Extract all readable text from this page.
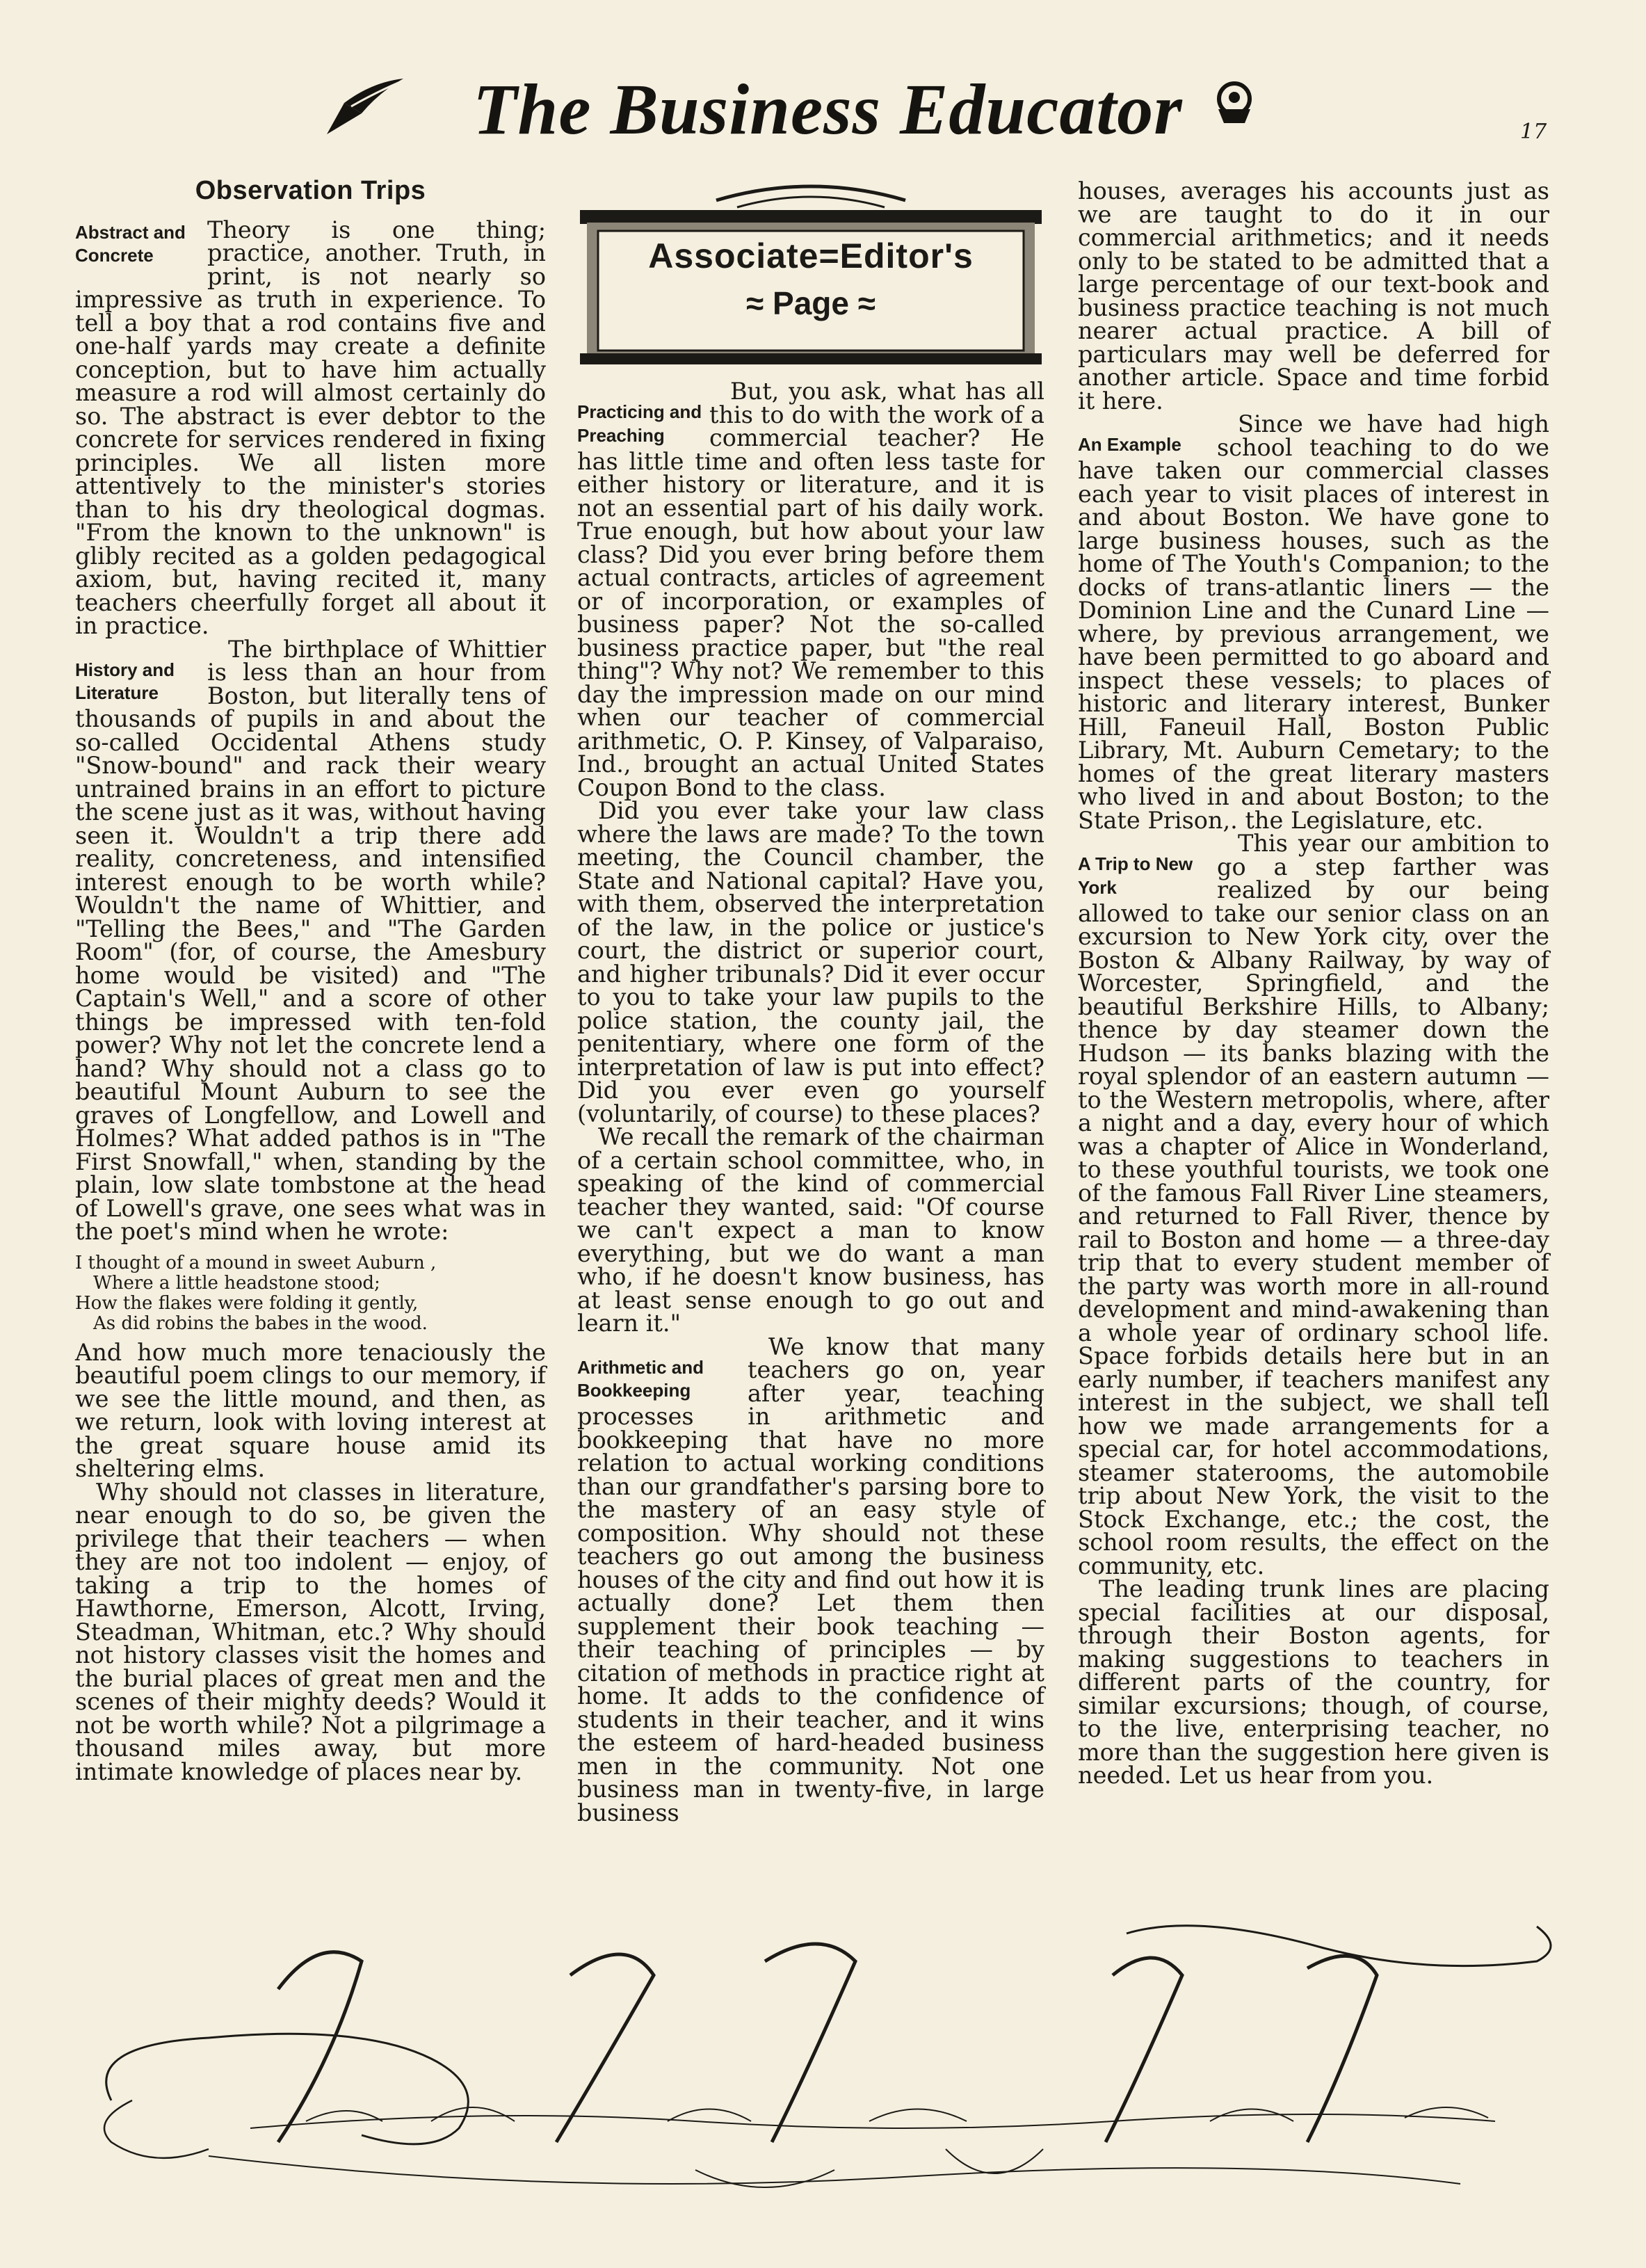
The Business Educator	17
Observation Trips
Abstract and Concrete

Theory is one thing; practice, another. Truth, in print, is not nearly so impressive as truth in experience. To tell a boy that a rod contains five and one-half yards may create a definite conception, but to have him actually measure a rod will almost certainly do so. The abstract is ever debtor to the concrete for services rendered in fixing principles. We all listen more attentively to the minister's stories than to his dry theological dogmas. "From the known to the unknown" is glibly recited as a golden pedagogical axiom, but, having recited it, many teachers cheerfully forget all about it in practice.

History and Literature

The birthplace of Whittier is less than an hour from Boston, but literally tens of thousands of pupils in and about the so-called Occidental Athens study "Snow-bound" and rack their weary untrained brains in an effort to picture the scene just as it was, without having seen it. Wouldn't a trip there add reality, concreteness, and intensified interest enough to be worth while? Wouldn't the name of Whittier, and "Telling the Bees," and "The Garden Room" (for, of course, the Amesbury home would be visited) and "The Captain's Well," and a score of other things be impressed with ten-fold power? Why not let the concrete lend a hand? Why should not a class go to beautiful Mount Auburn to see the graves of Longfellow, and Lowell and Holmes? What added pathos is in "The First Snowfall," when, standing by the plain, low slate tombstone at the head of Lowell's grave, one sees what was in the poet's mind when he wrote:

I thought of a mound in sweet Auburn ,
Where a little headstone stood;
How the flakes were folding it gently,
As did robins the babes in the wood.

And how much more tenaciously the beautiful poem clings to our memory, if we see the little mound, and then, as we return, look with loving interest at the great square house amid its sheltering elms.

Why should not classes in literature, near enough to do so, be given the privilege that their teachers — when they are not too indolent — enjoy, of taking a trip to the homes of Hawthorne, Emerson, Alcott, Irving, Steadman, Whitman, etc.? Why should not history classes visit the homes and the burial places of great men and the scenes of their mighty deeds? Would it not be worth while? Not a pilgrimage a thousand miles away, but more intimate knowledge of places near by.

Associate=Editor's
≈ Page ≈
Practicing and Preaching

But, you ask, what has all this to do with the work of a commercial teacher? He has little time and often less taste for either history or literature, and it is not an essential part of his daily work. True enough, but how about your law class? Did you ever bring before them actual contracts, articles of agreement or of incorporation, or examples of business paper? Not the so-called business practice paper, but "the real thing"? Why not? We remember to this day the impression made on our mind when our teacher of commercial arithmetic, O. P. Kinsey, of Valparaiso, Ind., brought an actual United States Coupon Bond to the class.

Did you ever take your law class where the laws are made? To the town meeting, the Council chamber, the State and National capital? Have you, with them, observed the interpretation of the law, in the police or justice's court, the district or superior court, and higher tribunals? Did it ever occur to you to take your law pupils to the police station, the county jail, the penitentiary, where one form of the interpretation of law is put into effect? Did you ever even go yourself (voluntarily, of course) to these places?

We recall the remark of the chairman of a certain school committee, who, in speaking of the kind of commercial teacher they wanted, said: "Of course we can't expect a man to know everything, but we do want a man who, if he doesn't know business, has at least sense enough to go out and learn it."

Arithmetic and Bookkeeping

We know that many teachers go on, year after year, teaching processes in arithmetic and bookkeeping that have no more relation to actual working conditions than our grandfather's parsing bore to the mastery of an easy style of composition. Why should not these teachers go out among the business houses of the city and find out how it is actually done? Let them then supplement their book teaching — their teaching of principles — by citation of methods in practice right at home. It adds to the confidence of students in their teacher, and it wins the esteem of hard-headed business men in the community. Not one business man in twenty-five, in large business

houses, averages his accounts just as we are taught to do it in our commercial arithmetics; and it needs only to be stated to be admitted that a large percentage of our text-book and business practice teaching is not much nearer actual practice. A bill of particulars may well be deferred for another article. Space and time forbid it here.

An Example

Since we have had high school teaching to do we have taken our commercial classes each year to visit places of interest in and about Boston. We have gone to large business houses, such as the home of The Youth's Companion; to the docks of trans-atlantic liners — the Dominion Line and the Cunard Line — where, by previous arrangement, we have been permitted to go aboard and inspect these vessels; to places of historic and literary interest, Bunker Hill, Faneuil Hall, Boston Public Library, Mt. Auburn Cemetary; to the homes of the great literary masters who lived in and about Boston; to the State Prison,. the Legislature, etc.

A Trip to New York

This year our ambition to go a step farther was realized by our being allowed to take our senior class on an excursion to New York city, over the Boston & Albany Railway, by way of Worcester, Springfield, and the beautiful Berkshire Hills, to Albany; thence by day steamer down the Hudson — its banks blazing with the royal splendor of an eastern autumn — to the Western metropolis, where, after a night and a day, every hour of which was a chapter of Alice in Wonderland, to these youthful tourists, we took one of the famous Fall River Line steamers, and returned to Fall River, thence by rail to Boston and home — a three-day trip that to every student member of the party was worth more in all-round development and mind-awakening than a whole year of ordinary school life. Space forbids details here but in an early number, if teachers manifest any interest in the subject, we shall tell how we made arrangements for a special car, for hotel accommodations, steamer staterooms, the automobile trip about New York, the visit to the Stock Exchange, etc.; the cost, the school room results, the effect on the community, etc.

The leading trunk lines are placing special facilities at our disposal, through their Boston agents, for making suggestions to teachers in different parts of the country, for similar excursions; though, of course, to the live, enterprising teacher, no more than the suggestion here given is needed. Let us hear from you.
